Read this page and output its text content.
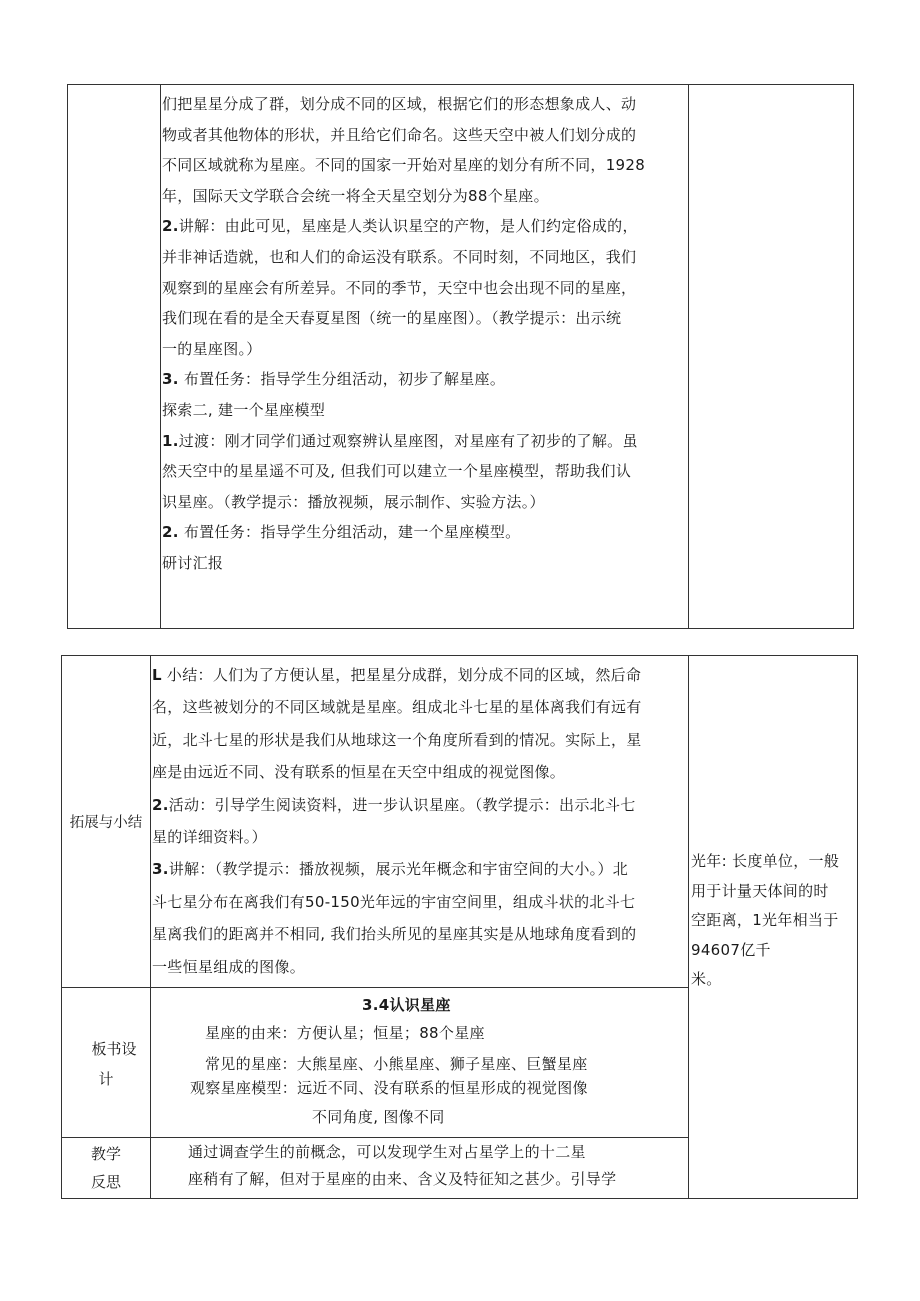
们把星星分成了群，划分成不同的区域，根据它们的形态想象成人、动
物或者其他物体的形状，并且给它们命名。这些天空中被人们划分成的
不同区域就称为星座。不同的国家一开始对星座的划分有所不同，1928
年，国际天文学联合会统一将全天星空划分为88个星座。
2.讲解：由此可见，星座是人类认识星空的产物，是人们约定俗成的，
并非神话造就，也和人们的命运没有联系。不同时刻，不同地区，我们
观察到的星座会有所差异。不同的季节，天空中也会出现不同的星座，
我们现在看的是全天春夏星图（统一的星座图）。（教学提示：出示统
一的星座图。）
3. 布置任务：指导学生分组活动，初步了解星座。
探索二, 建一个星座模型
1.过渡：刚才同学们通过观察辨认星座图，对星座有了初步的了解。虽
然天空中的星星遥不可及, 但我们可以建立一个星座模型，帮助我们认
识星座。（教学提示：播放视频，展示制作、实验方法。）
2. 布置任务：指导学生分组活动，建一个星座模型。
研讨汇报
拓展与小结
L 小结：人们为了方便认星，把星星分成群，划分成不同的区域，然后命
名，这些被划分的不同区域就是星座。组成北斗七星的星体离我们有远有
近，北斗七星的形状是我们从地球这一个角度所看到的情况。实际上，星
座是由远近不同、没有联系的恒星在天空中组成的视觉图像。
2.活动：引导学生阅读资料，进一步认识星座。（教学提示：出示北斗七
星的详细资料。）
3.讲解：（教学提示：播放视频，展示光年概念和宇宙空间的大小。）北
斗七星分布在离我们有50-150光年远的宇宙空间里，组成斗状的北斗七
星离我们的距离并不相同, 我们抬头所见的星座其实是从地球角度看到的
一些恒星组成的图像。
光年: 长度单位，一般
用于计量天体间的时
空距离，1光年相当于
94607亿千
米。
板书设
计
3.4认识星座
星座的由来：方便认星；恒星；88个星座
常见的星座：大熊星座、小熊星座、狮子星座、巨蟹星座
观察星座模型：远近不同、没有联系的恒星形成的视觉图像
不同角度, 图像不同
教学
反思
通过调查学生的前概念，可以发现学生对占星学上的十二星
座稍有了解，但对于星座的由来、含义及特征知之甚少。引导学
